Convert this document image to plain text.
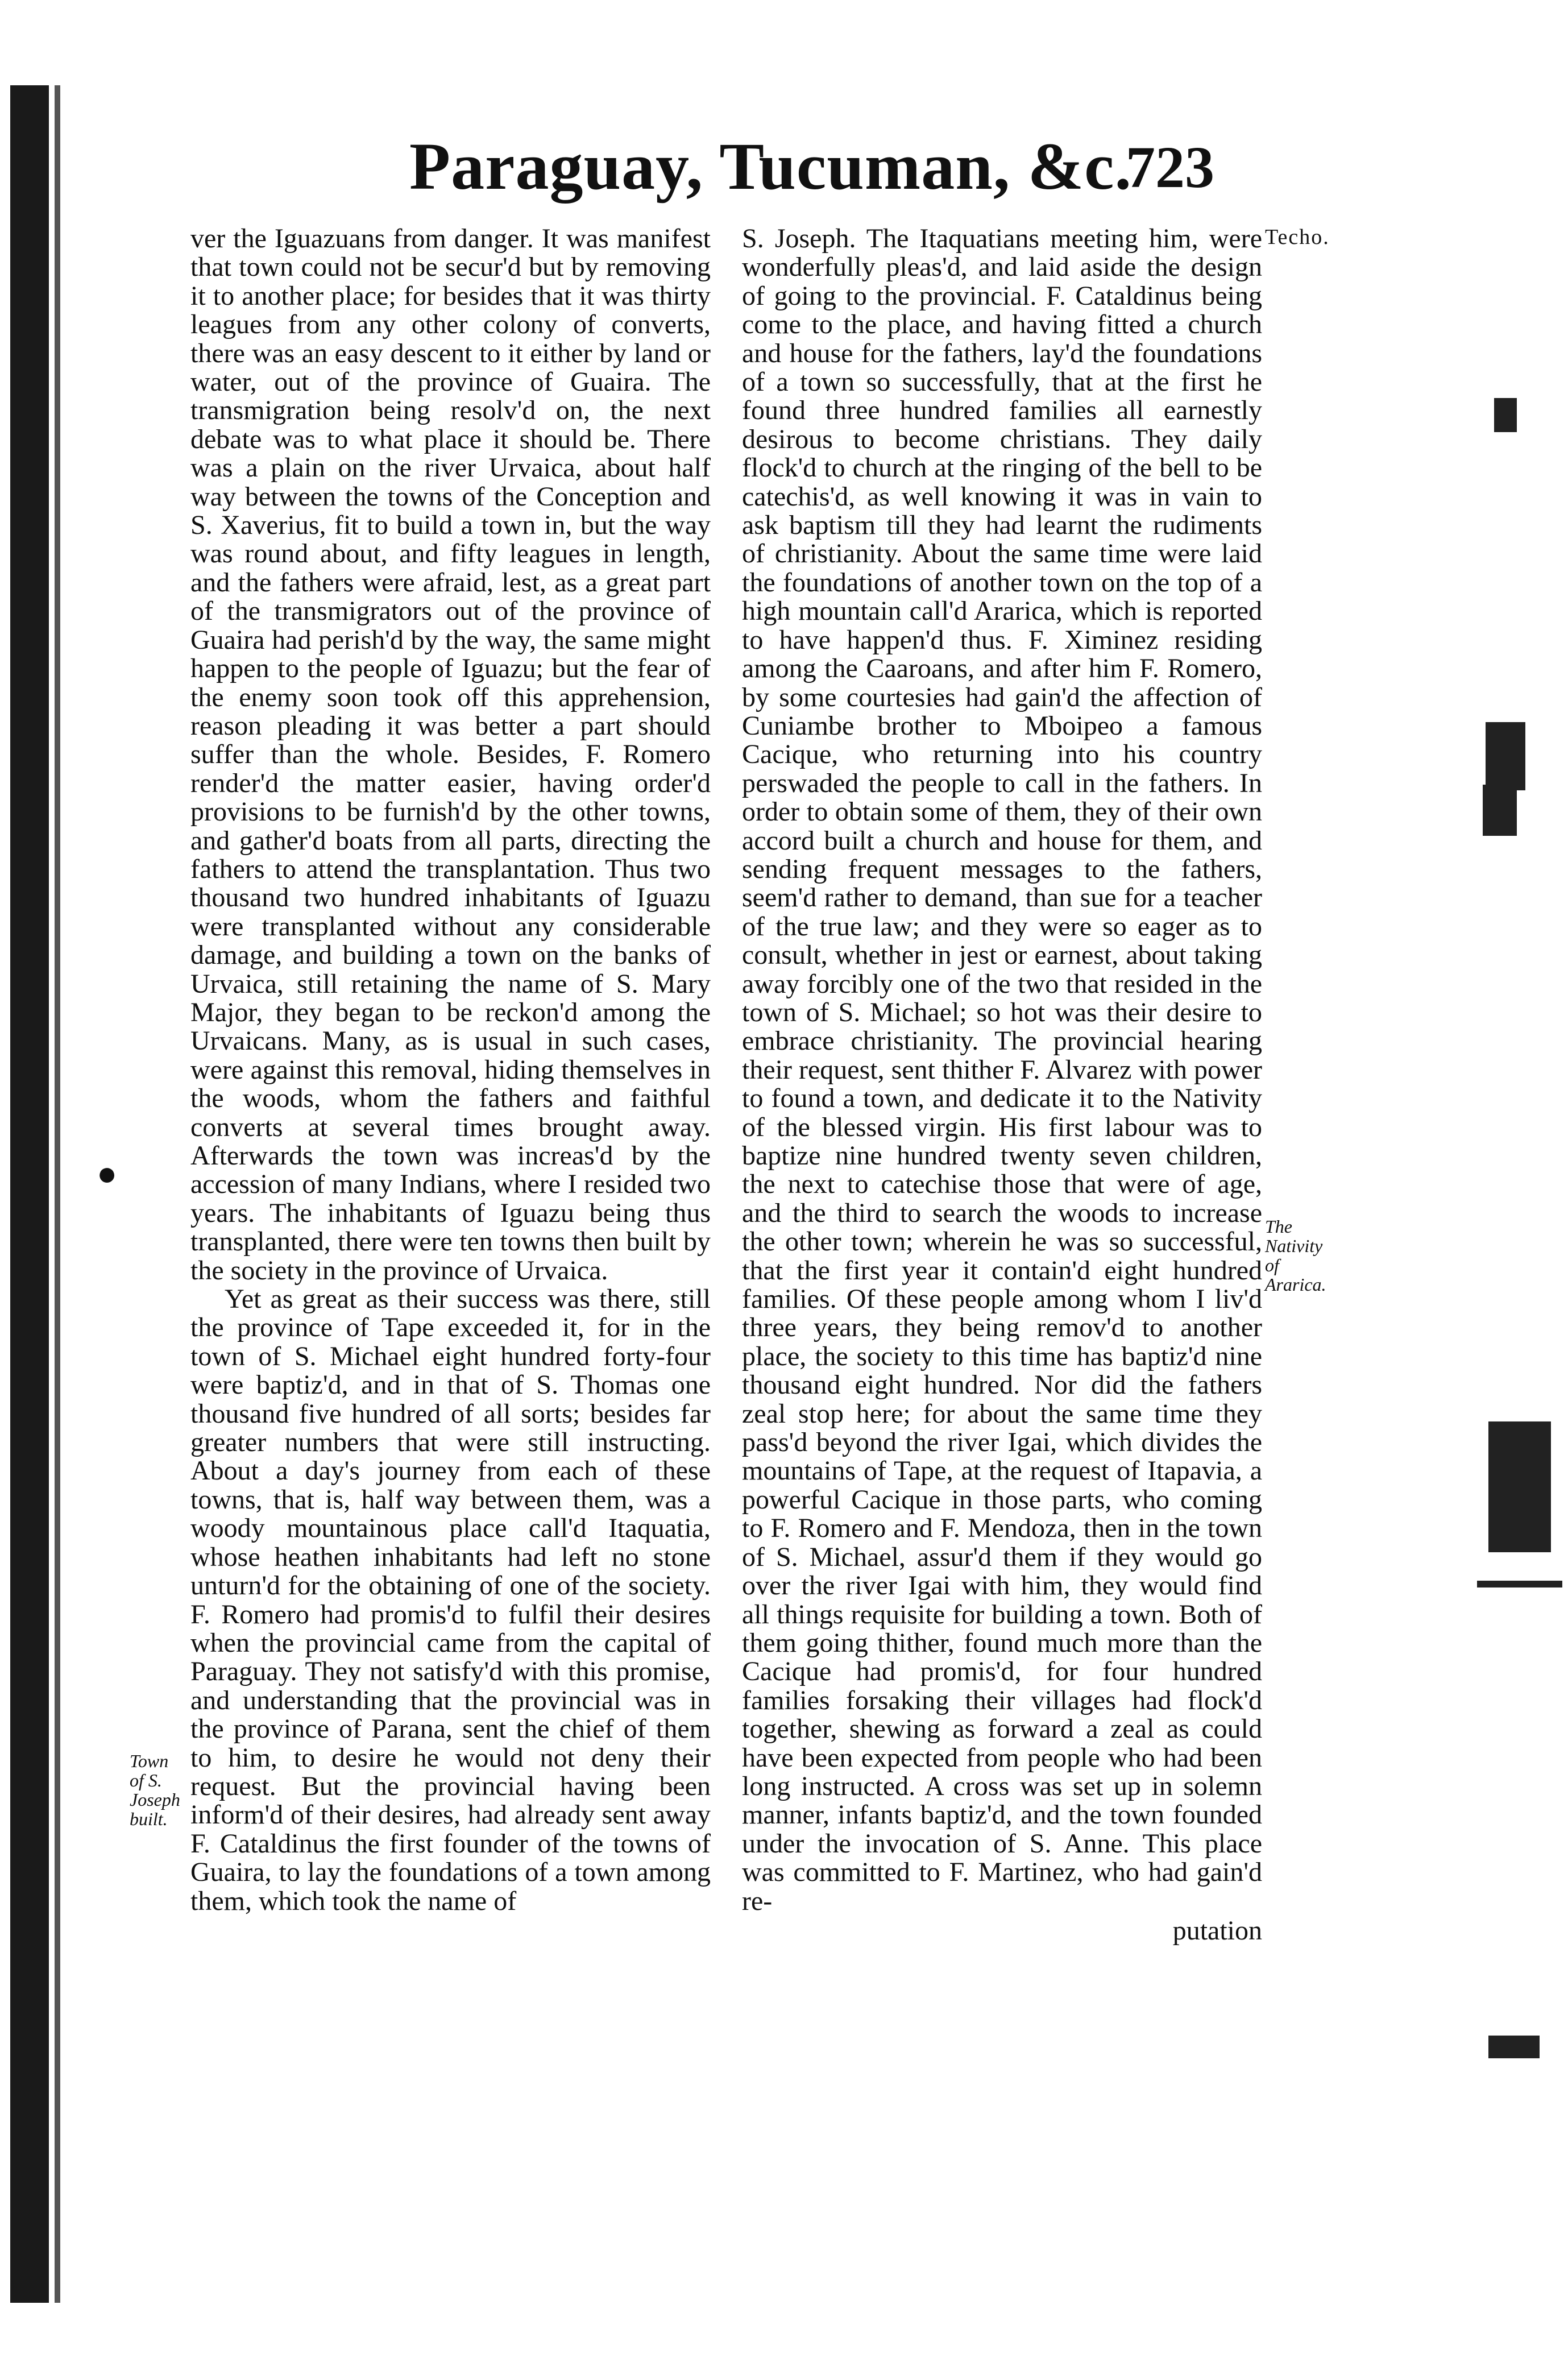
Paraguay, Tucuman, &c.
723

ver the Iguazuans from danger. It was manifest that town could not be secur'd but by removing it to another place; for besides that it was thirty leagues from any other colony of converts, there was an easy descent to it either by land or water, out of the province of Guaira. The transmigration being resolv'd on, the next debate was to what place it should be. There was a plain on the river Urvaica, about half way between the towns of the Conception and S. Xaverius, fit to build a town in, but the way was round about, and fifty leagues in length, and the fathers were afraid, lest, as a great part of the transmigrators out of the province of Guaira had perish'd by the way, the same might happen to the people of Iguazu; but the fear of the enemy soon took off this apprehension, reason pleading it was better a part should suffer than the whole. Besides, F. Romero render'd the matter easier, having order'd provisions to be furnish'd by the other towns, and gather'd boats from all parts, directing the fathers to attend the transplantation. Thus two thousand two hundred inhabitants of Iguazu were transplanted without any considerable damage, and building a town on the banks of Urvaica, still retaining the name of S. Mary Major, they began to be reckon'd among the Urvaicans. Many, as is usual in such cases, were against this removal, hiding themselves in the woods, whom the fathers and faithful converts at several times brought away. Afterwards the town was increas'd by the accession of many Indians, where I resided two years. The inhabitants of Iguazu being thus transplanted, there were ten towns then built by the society in the province of Urvaica.

Yet as great as their success was there, still the province of Tape exceeded it, for in the town of S. Michael eight hundred forty-four were baptiz'd, and in that of S. Thomas one thousand five hundred of all sorts; besides far greater numbers that were still instructing. About a day's journey from each of these towns, that is, half way between them, was a woody mountainous place call'd Itaquatia, whose heathen inhabitants had left no stone unturn'd for the obtaining of one of the society. F. Romero had promis'd to fulfil their desires when the provincial came from the capital of Paraguay. They not satisfy'd with this promise, and understanding that the provincial was in the province of Parana, sent the chief of them to him, to desire he would not deny their request. But the provincial having been inform'd of their desires, had already sent away F. Cataldinus the first founder of the towns of Guaira, to lay the foundations of a town among them, which took the name of

S. Joseph. The Itaquatians meeting him, were wonderfully pleas'd, and laid aside the design of going to the provincial. F. Cataldinus being come to the place, and having fitted a church and house for the fathers, lay'd the foundations of a town so successfully, that at the first he found three hundred families all earnestly desirous to become christians. They daily flock'd to church at the ringing of the bell to be catechis'd, as well knowing it was in vain to ask baptism till they had learnt the rudiments of christianity. About the same time were laid the foundations of another town on the top of a high mountain call'd Ararica, which is reported to have happen'd thus. F. Ximinez residing among the Caaroans, and after him F. Romero, by some courtesies had gain'd the affection of Cuniambe brother to Mboipeo a famous Cacique, who returning into his country perswaded the people to call in the fathers. In order to obtain some of them, they of their own accord built a church and house for them, and sending frequent messages to the fathers, seem'd rather to demand, than sue for a teacher of the true law; and they were so eager as to consult, whether in jest or earnest, about taking away forcibly one of the two that resided in the town of S. Michael; so hot was their desire to embrace christianity. The provincial hearing their request, sent thither F. Alvarez with power to found a town, and dedicate it to the Nativity of the blessed virgin. His first labour was to baptize nine hundred twenty seven children, the next to catechise those that were of age, and the third to search the woods to increase the other town; wherein he was so successful, that the first year it contain'd eight hundred families. Of these people among whom I liv'd three years, they being remov'd to another place, the society to this time has baptiz'd nine thousand eight hundred. Nor did the fathers zeal stop here; for about the same time they pass'd beyond the river Igai, which divides the mountains of Tape, at the request of Itapavia, a powerful Cacique in those parts, who coming to F. Romero and F. Mendoza, then in the town of S. Michael, assur'd them if they would go over the river Igai with him, they would find all things requisite for building a town. Both of them going thither, found much more than the Cacique had promis'd, for four hundred families forsaking their villages had flock'd together, shewing as forward a zeal as could have been expected from people who had been long instructed. A cross was set up in solemn manner, infants baptiz'd, and the town founded under the invocation of S. Anne. This place was committed to F. Martinez, who had gain'd re-

putation
Techo.
The Nativity of Ararica.
Town of S. Joseph built.
●
